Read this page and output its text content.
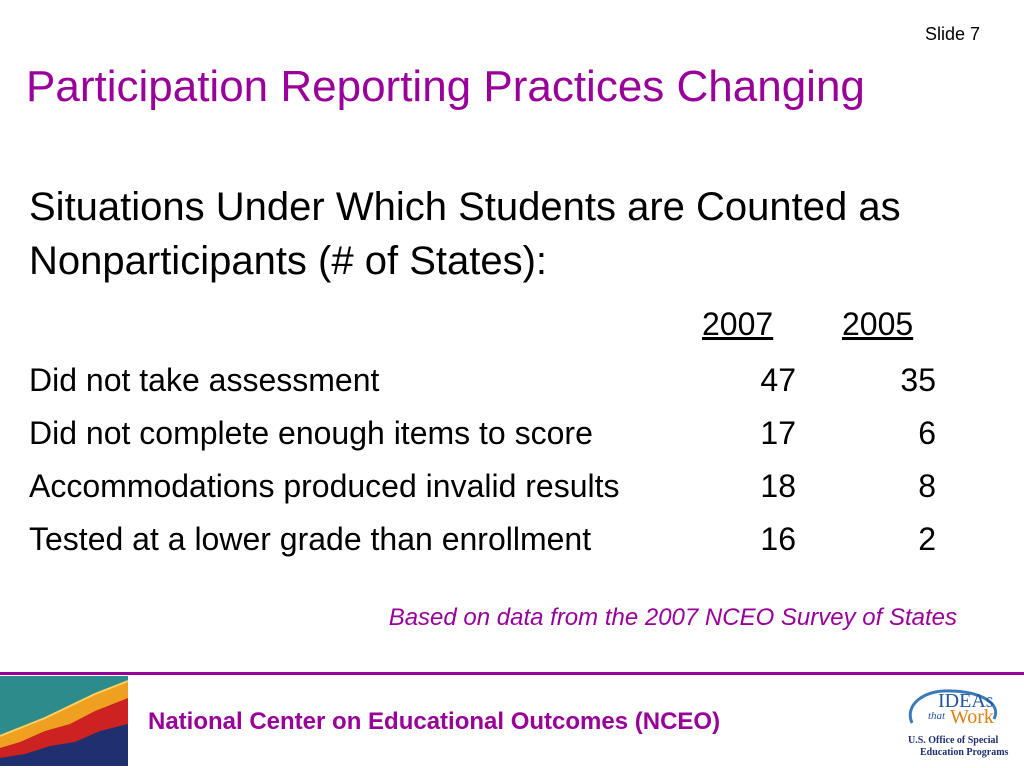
Slide 7
Participation Reporting Practices Changing
Situations Under Which Students are Counted as Nonparticipants (# of States):
2007 2005
Did not take assessment	47	35
Did not complete enough items to score	17	6
Accommodations produced invalid results	18	8
Tested at a lower grade than enrollment	16	2
Based on data from the 2007 NCEO Survey of States
National Center on Educational Outcomes (NCEO)
IDEAs
that Work
U.S. Office of Special
Education Programs
